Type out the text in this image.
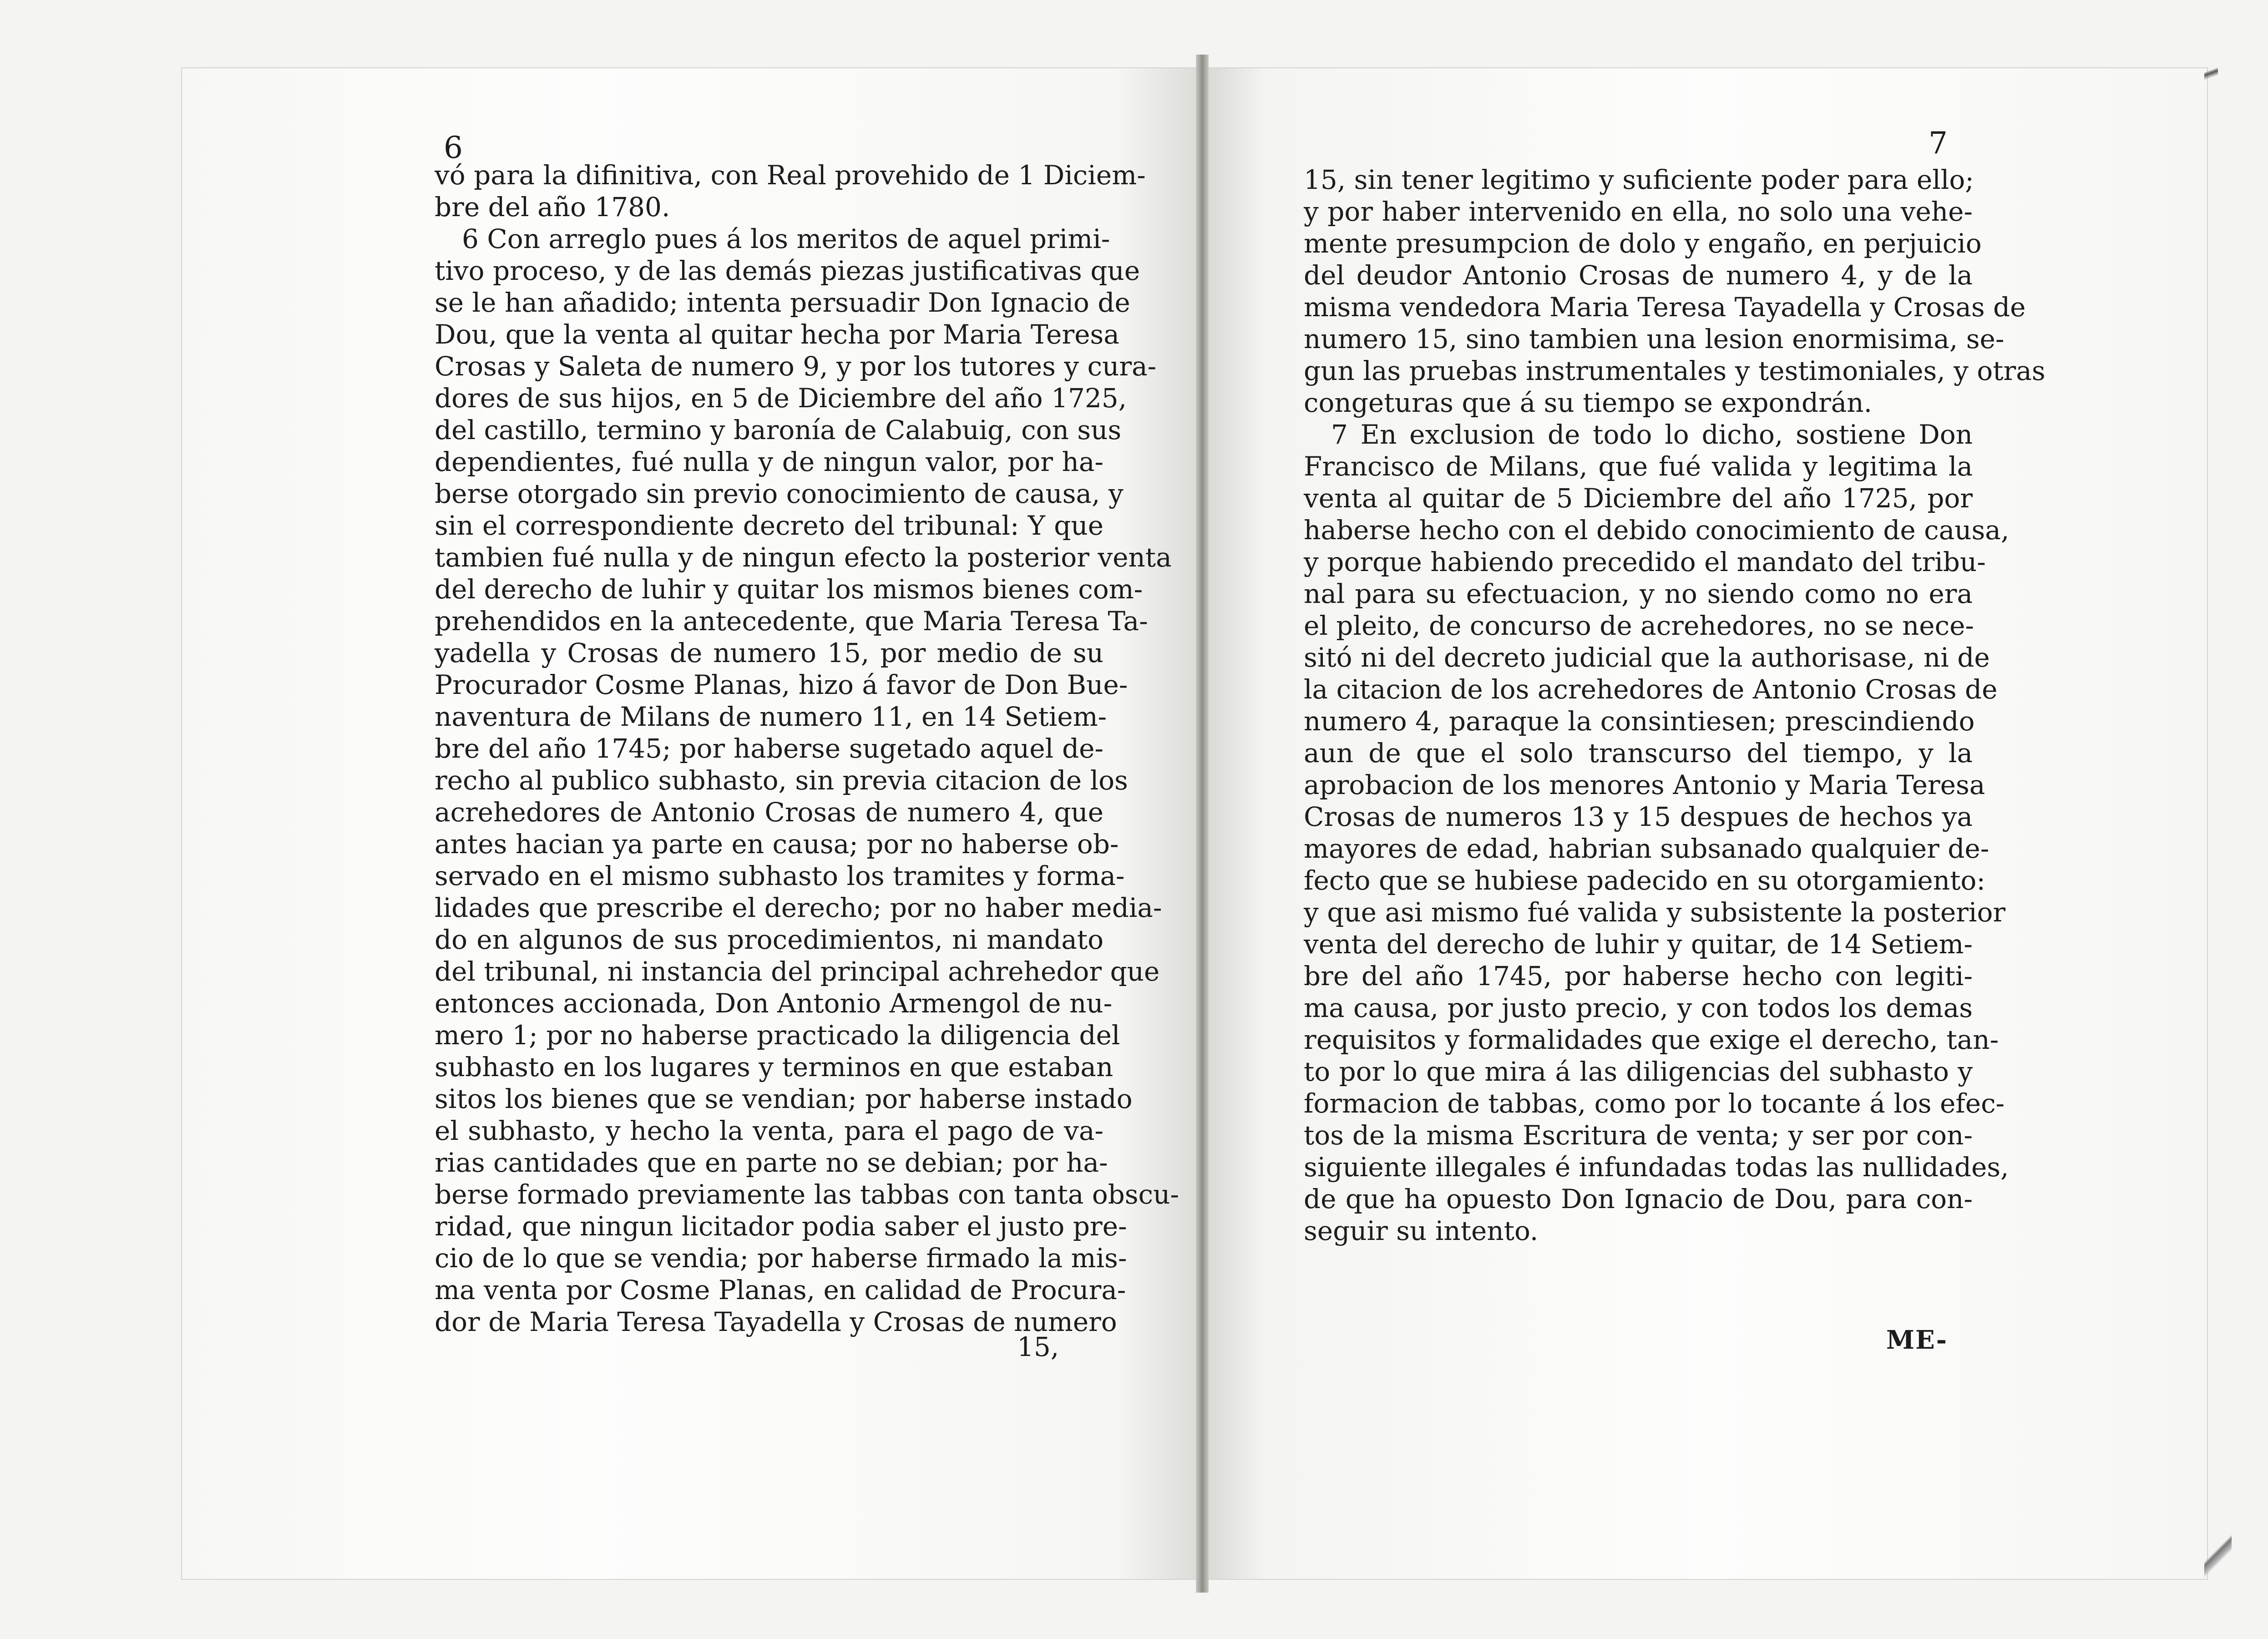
6	7
vó para la difinitiva, con Real provehido de 1 Diciem-
bre del año 1780.
6 Con arreglo pues á los meritos de aquel primi-
tivo proceso, y de las demás piezas justificativas que
se le han añadido; intenta persuadir Don Ignacio de
Dou, que la venta al quitar hecha por Maria Teresa
Crosas y Saleta de numero 9, y por los tutores y cura-
dores de sus hijos, en 5 de Diciembre del año 1725,
del castillo, termino y baronía de Calabuig, con sus
dependientes, fué nulla y de ningun valor, por ha-
berse otorgado sin previo conocimiento de causa, y
sin el correspondiente decreto del tribunal: Y que
tambien fué nulla y de ningun efecto la posterior venta
del derecho de luhir y quitar los mismos bienes com-
prehendidos en la antecedente, que Maria Teresa Ta-
yadella y Crosas de numero 15, por medio de su
Procurador Cosme Planas, hizo á favor de Don Bue-
naventura de Milans de numero 11, en 14 Setiem-
bre del año 1745; por haberse sugetado aquel de-
recho al publico subhasto, sin previa citacion de los
acrehedores de Antonio Crosas de numero 4, que
antes hacian ya parte en causa; por no haberse ob-
servado en el mismo subhasto los tramites y forma-
lidades que prescribe el derecho; por no haber media-
do en algunos de sus procedimientos, ni mandato
del tribunal, ni instancia del principal achrehedor que
entonces accionada, Don Antonio Armengol de nu-
mero 1; por no haberse practicado la diligencia del
subhasto en los lugares y terminos en que estaban
sitos los bienes que se vendian; por haberse instado
el subhasto, y hecho la venta, para el pago de va-
rias cantidades que en parte no se debian; por ha-
berse formado previamente las tabbas con tanta obscu-
ridad, que ningun licitador podia saber el justo pre-
cio de lo que se vendia; por haberse firmado la mis-
ma venta por Cosme Planas, en calidad de Procura-
dor de Maria Teresa Tayadella y Crosas de numero
15,
15, sin tener legitimo y suficiente poder para ello;
y por haber intervenido en ella, no solo una vehe-
mente presumpcion de dolo y engaño, en perjuicio
del deudor Antonio Crosas de numero 4, y de la
misma vendedora Maria Teresa Tayadella y Crosas de
numero 15, sino tambien una lesion enormisima, se-
gun las pruebas instrumentales y testimoniales, y otras
congeturas que á su tiempo se expondrán.
7 En exclusion de todo lo dicho, sostiene Don
Francisco de Milans, que fué valida y legitima la
venta al quitar de 5 Diciembre del año 1725, por
haberse hecho con el debido conocimiento de causa,
y porque habiendo precedido el mandato del tribu-
nal para su efectuacion, y no siendo como no era
el pleito, de concurso de acrehedores, no se nece-
sitó ni del decreto judicial que la authorisase, ni de
la citacion de los acrehedores de Antonio Crosas de
numero 4, paraque la consintiesen; prescindiendo
aun de que el solo transcurso del tiempo, y la
aprobacion de los menores Antonio y Maria Teresa
Crosas de numeros 13 y 15 despues de hechos ya
mayores de edad, habrian subsanado qualquier de-
fecto que se hubiese padecido en su otorgamiento:
y que asi mismo fué valida y subsistente la posterior
venta del derecho de luhir y quitar, de 14 Setiem-
bre del año 1745, por haberse hecho con legiti-
ma causa, por justo precio, y con todos los demas
requisitos y formalidades que exige el derecho, tan-
to por lo que mira á las diligencias del subhasto y
formacion de tabbas, como por lo tocante á los efec-
tos de la misma Escritura de venta; y ser por con-
siguiente illegales é infundadas todas las nullidades,
de que ha opuesto Don Ignacio de Dou, para con-
seguir su intento.
ME-
